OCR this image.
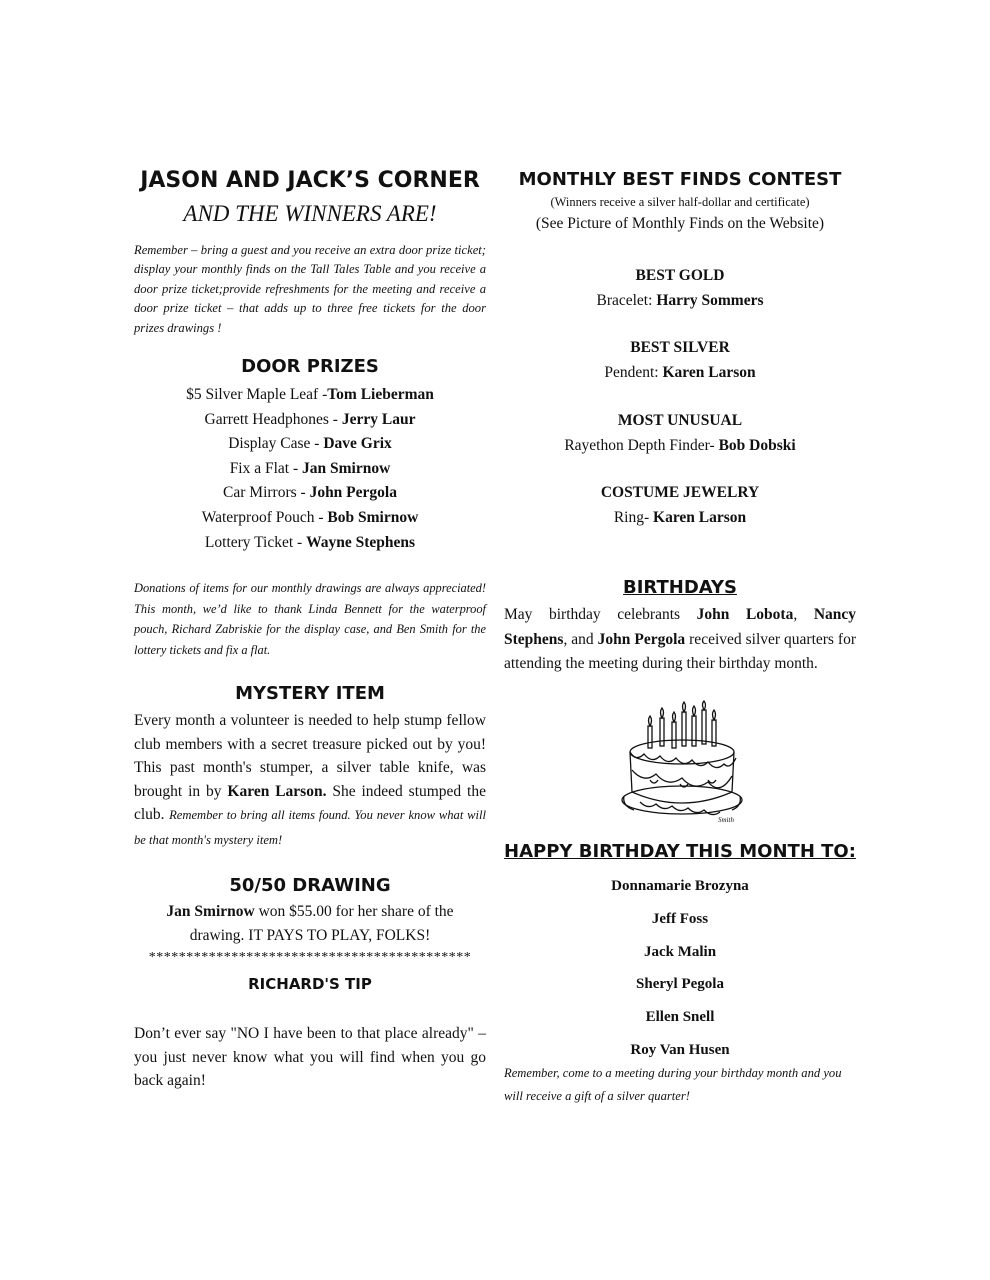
JASON AND JACK’S CORNER
AND THE WINNERS ARE!
Remember – bring a guest and you receive an extra door prize ticket; display your monthly finds on the Tall Tales Table and you receive a door prize ticket;provide refreshments for the meeting and receive a door prize ticket – that adds up to three free tickets for the door prizes drawings !
DOOR PRIZES
$5 Silver Maple Leaf -Tom Lieberman
Garrett Headphones - Jerry Laur
Display Case - Dave Grix
Fix a Flat - Jan Smirnow
Car Mirrors - John Pergola
Waterproof Pouch - Bob Smirnow
Lottery Ticket - Wayne Stephens
Donations of items for our monthly drawings are always appreciated! This month, we’d like to thank Linda Bennett for the waterproof pouch, Richard Zabriskie for the display case, and Ben Smith for the lottery tickets and fix a flat.
MYSTERY ITEM
Every month a volunteer is needed to help stump fellow club members with a secret treasure picked out by you! This past month's stumper, a silver table knife, was brought in by Karen Larson. She indeed stumped the club. Remember to bring all items found. You never know what will be that month's mystery item!
50/50 DRAWING
Jan Smirnow won $55.00 for her share of the drawing. IT PAYS TO PLAY, FOLKS!
*******************************************
RICHARD'S TIP
Don’t ever say "NO I have been to that place already" – you just never know what you will find when you go back again!
MONTHLY BEST FINDS CONTEST
(Winners receive a silver half-dollar and certificate)
(See Picture of Monthly Finds on the Website)
BEST GOLD
Bracelet: Harry Sommers
BEST SILVER
Pendent: Karen Larson
MOST UNUSUAL
Rayethon Depth Finder- Bob Dobski
COSTUME JEWELRY
Ring- Karen Larson
BIRTHDAYS
May birthday celebrants John Lobota, Nancy Stephens, and John Pergola received silver quarters for attending the meeting during their birthday month.
Smith
HAPPY BIRTHDAY THIS MONTH TO:
Donnamarie Brozyna
Jeff Foss
Jack Malin
Sheryl Pegola
Ellen Snell
Roy Van Husen
Remember, come to a meeting during your birthday month and you will receive a gift of a silver quarter!
